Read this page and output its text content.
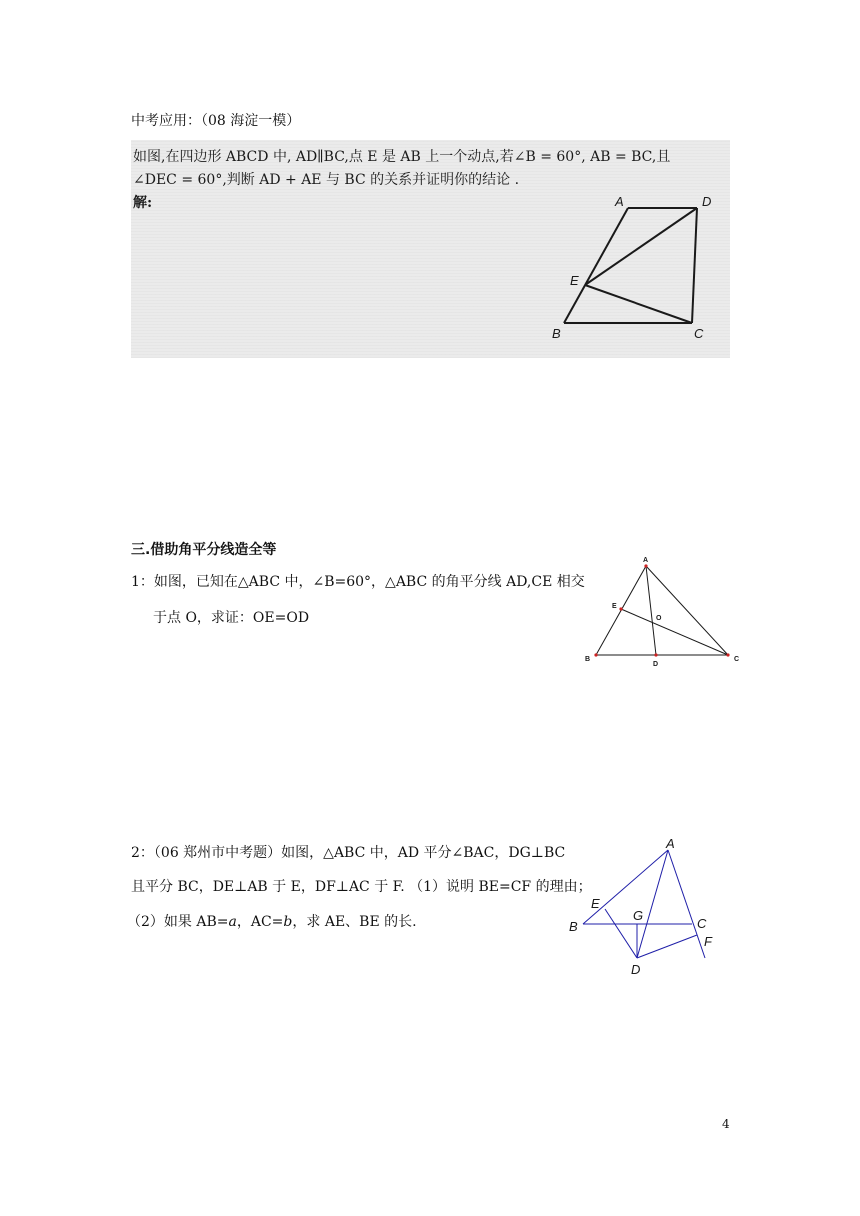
中考应用：（08 海淀一模）
如图,在四边形 ABCD 中, AD∥BC,点 E 是 AB 上一个动点,若∠B = 60°, AB = BC,且
∠DEC = 60°,判断 AD + AE 与 BC 的关系并证明你的结论 .
解:	A	D
E
B	C
三.借助角平分线造全等
1：如图，已知在△ABC 中，∠B=60°，△ABC 的角平分线 AD,CE 相交
于点 O，求证：OE=OD
A
E
O
B
D
C
2：（06 郑州市中考题）如图，△ABC 中，AD 平分∠BAC，DG⊥BC
且平分 BC，DE⊥AB 于 E，DF⊥AC 于 F. （1）说明 BE=CF 的理由；
（2）如果 AB=a，AC=b，求 AE、BE 的长.
A
E
G
C
B
F
D
4
